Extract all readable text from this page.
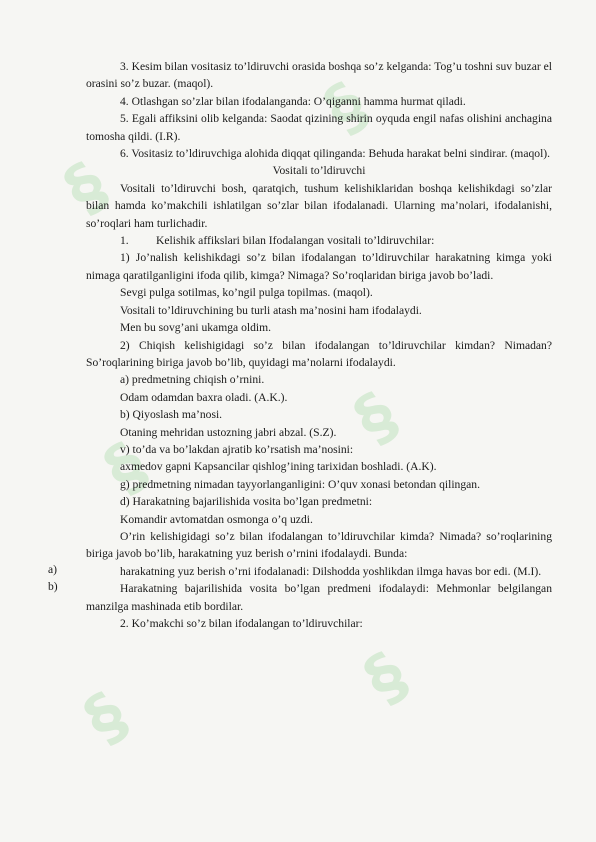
§
§
§
§
§	§

3. Kesim bilan vositasiz to’ldiruvchi orasida boshqa so’z kelganda: Tog’u toshni suv buzar el orasini so’z buzar. (maqol).

4. Otlashgan so’zlar bilan ifodalanganda: O’qiganni hamma hurmat qiladi.

5. Egali affiksini olib kelganda: Saodat qizining shirin oyquda engil nafas olishini anchagina tomosha qildi. (I.R).

6. Vositasiz to’ldiruvchiga alohida diqqat qilinganda: Behuda harakat belni sindirar. (maqol).

Vositali to’ldiruvchi

Vositali to’ldiruvchi bosh, qaratqich, tushum kelishiklaridan boshqa kelishikdagi so’zlar bilan hamda ko’makchili ishlatilgan so’zlar bilan ifodalanadi. Ularning ma’nolari, ifodalanishi, so’roqlari ham turlichadir.

1.	Kelishik affikslari bilan Ifodalangan vositali to’ldiruvchilar:

1) Jo’nalish kelishikdagi so’z bilan ifodalangan to’ldiruvchilar harakatning kimga yoki nimaga qaratilganligini ifoda qilib, kimga? Nimaga? So’roqlaridan biriga javob bo’ladi.

Sevgi pulga sotilmas, ko’ngil pulga topilmas. (maqol).

Vositali to’ldiruvchining bu turli atash ma’nosini ham ifodalaydi.

Men bu sovg’ani ukamga oldim.

2) Chiqish kelishigidagi so’z bilan ifodalangan to’ldiruvchilar kimdan? Nimadan? So’roqlarining biriga javob bo’lib, quyidagi ma’nolarni ifodalaydi.

a) predmetning chiqish o’rnini.

Odam odamdan baxra oladi. (A.K.).

b) Qiyoslash ma’nosi.

Otaning mehridan ustozning jabri abzal. (S.Z).

v) to’da va bo’lakdan ajratib ko’rsatish ma’nosini:

axmedov gapni Kapsancilar qishlog’ining tarixidan boshladi. (A.K).

g) predmetning nimadan tayyorlanganligini: O’quv xonasi betondan qilingan.

d) Harakatning bajarilishida vosita bo’lgan predmetni:

Komandir avtomatdan osmonga o’q uzdi.

O’rin kelishigidagi so’z bilan ifodalangan to’ldiruvchilar kimda? Nimada? so’roqlarining biriga javob bo’lib, harakatning yuz berish o’rnini ifodalaydi. Bunda:

harakatning yuz berish o’rni ifodalanadi: Dilshodda yoshlikdan ilmga havas bor edi. (M.I).

Harakatning bajarilishida vosita bo’lgan predmeni ifodalaydi: Mehmonlar belgilangan manzilga mashinada etib bordilar.

2. Ko’makchi so’z bilan ifodalangan to’ldiruvchilar:

a)
b)
